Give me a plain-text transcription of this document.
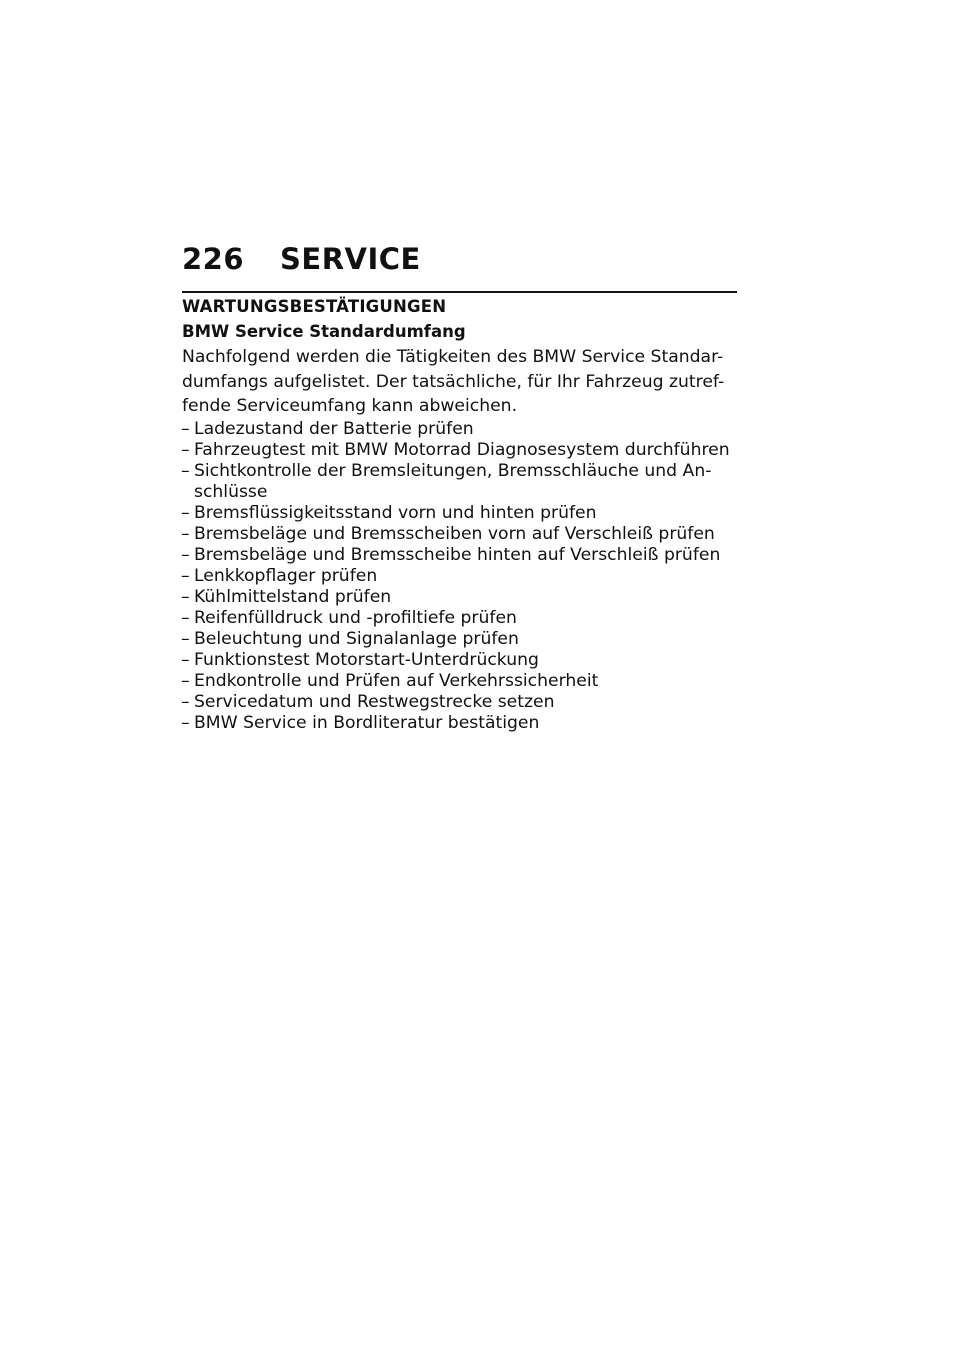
226 SERVICE
WARTUNGSBESTÄTIGUNGEN
BMW Service Standardumfang
Nachfolgend werden die Tätigkeiten des BMW Service Standar-
dumfangs aufgelistet. Der tatsächliche, für Ihr Fahrzeug zutref-
fende Serviceumfang kann abweichen.
– Ladezustand der Batterie prüfen
– Fahrzeugtest mit BMW Motorrad Diagnosesystem durchführen
– Sichtkontrolle der Bremsleitungen, Bremsschläuche und An-schlüsse
– Bremsflüssigkeitsstand vorn und hinten prüfen
– Bremsbeläge und Bremsscheiben vorn auf Verschleiß prüfen
– Bremsbeläge und Bremsscheibe hinten auf Verschleiß prüfen
– Lenkkopflager prüfen
– Kühlmittelstand prüfen
– Reifenfülldruck und -profiltiefe prüfen
– Beleuchtung und Signalanlage prüfen
– Funktionstest Motorstart-Unterdrückung
– Endkontrolle und Prüfen auf Verkehrssicherheit
– Servicedatum und Restwegstrecke setzen
– BMW Service in Bordliteratur bestätigen
